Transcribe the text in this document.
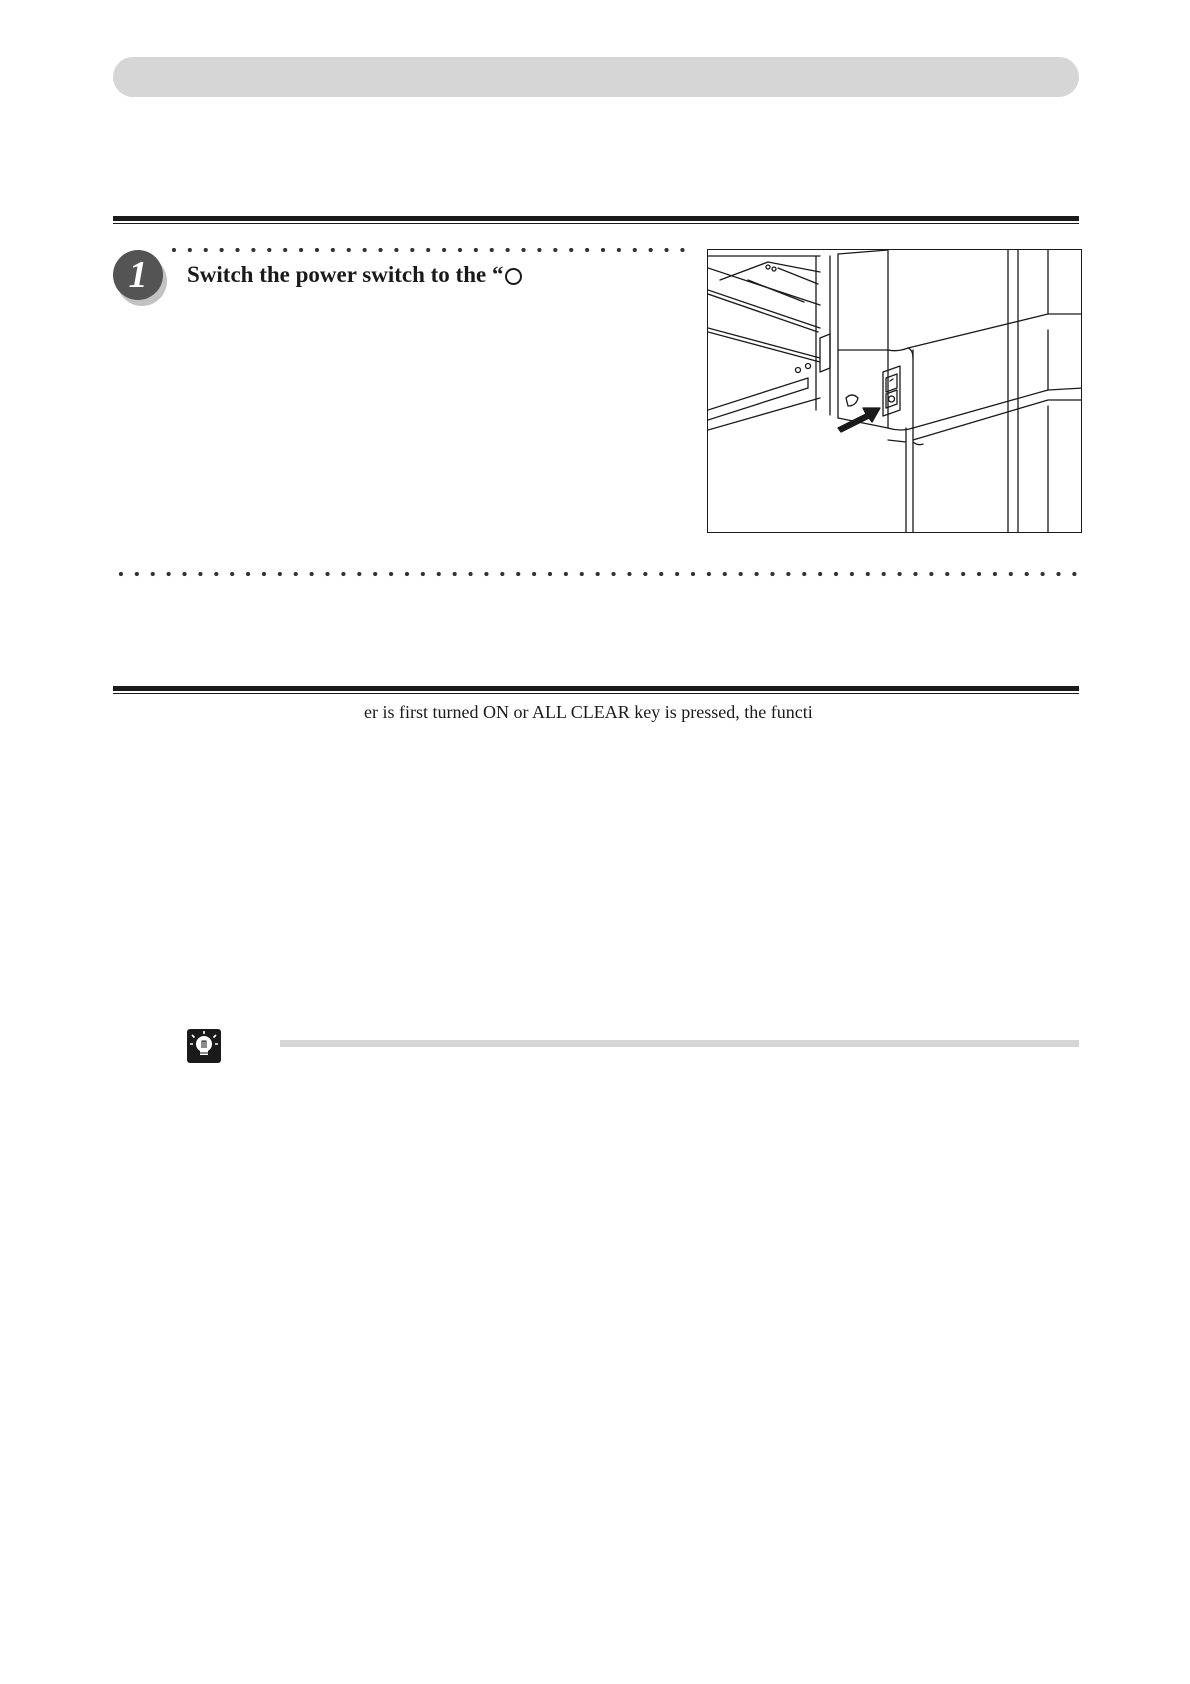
1	Switch the power switch to the “
er is first turned ON or ALL CLEAR key is pressed, the functi
